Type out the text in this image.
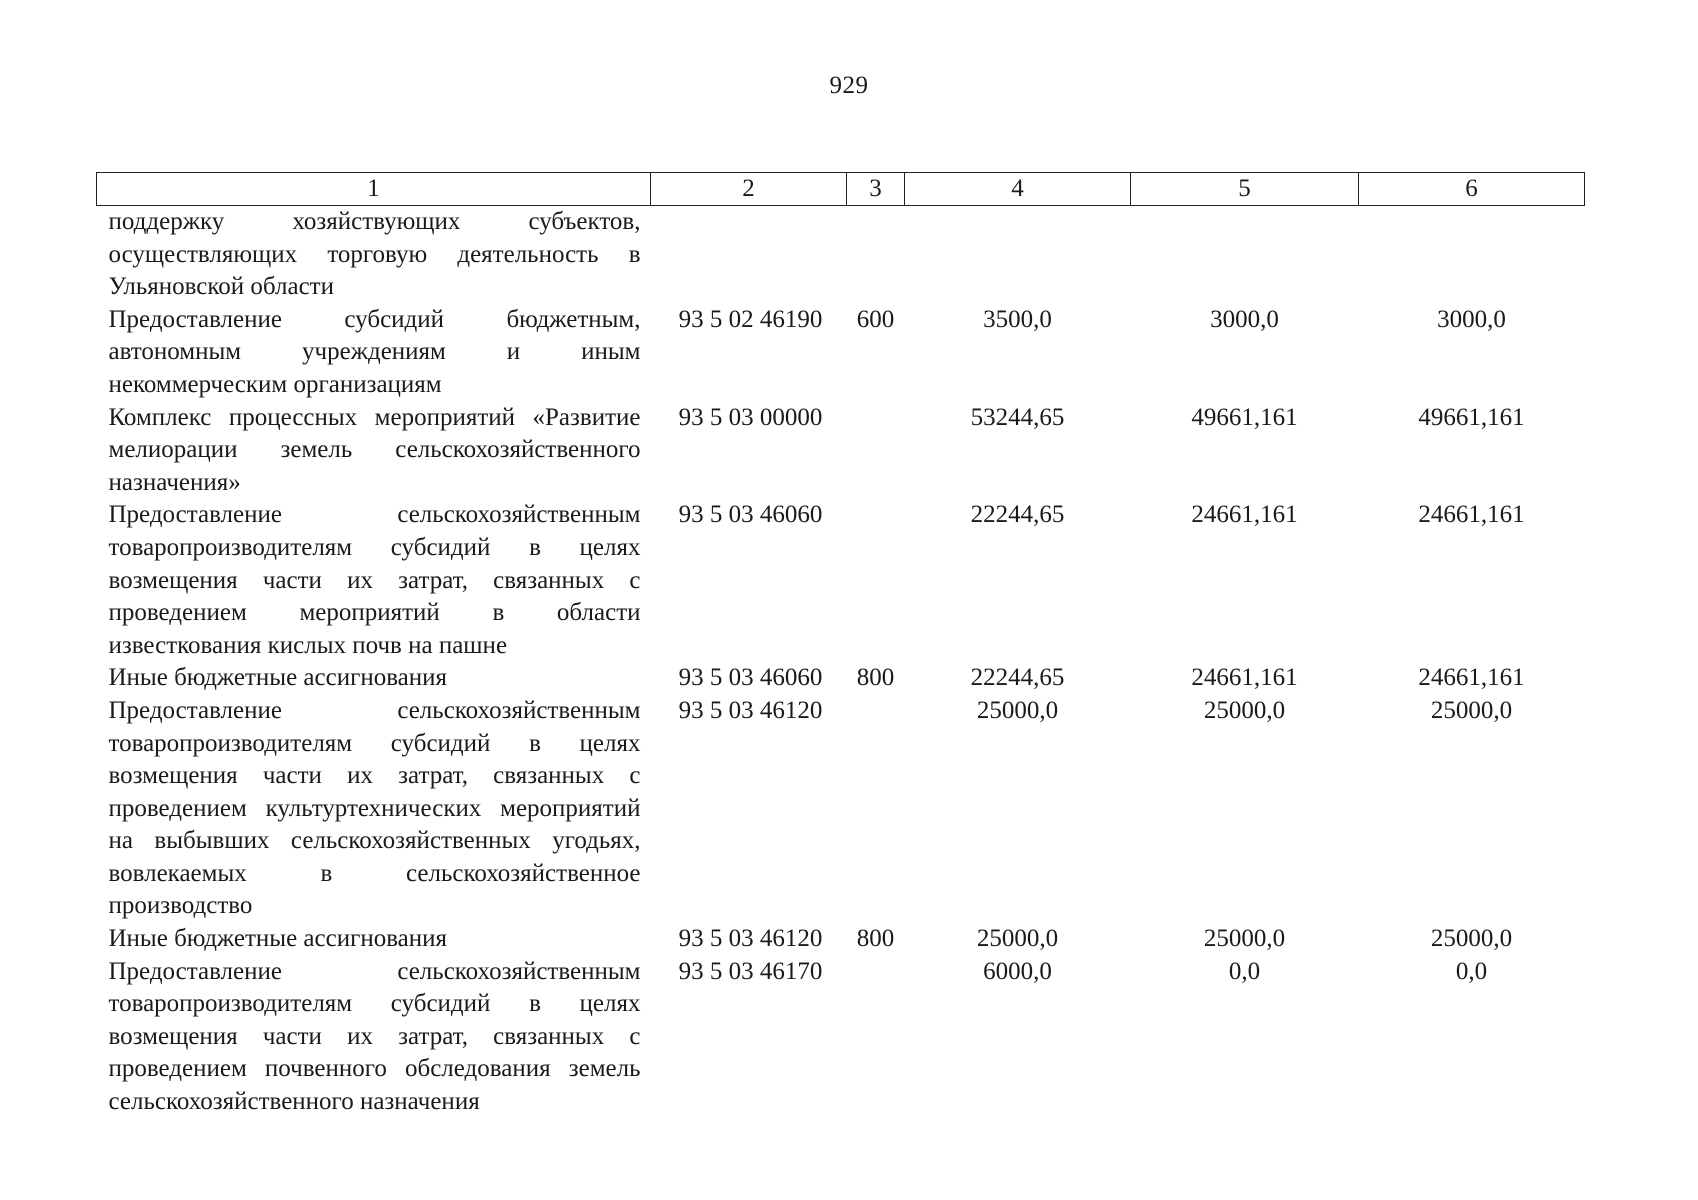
929
1	2	3	4	5	6
поддержку хозяйствующих субъектов, осуществляющих торговую деятельность в Ульяновской области					
Предоставление субсидий бюджетным, автономным учреждениям и иным некоммерческим организациям	93 5 02 46190	600	3500,0	3000,0	3000,0
Комплекс процессных мероприятий «Развитие мелиорации земель сельскохозяйственного назначения»	93 5 03 00000		53244,65	49661,161	49661,161
Предоставление сельскохозяйственным товаропроизводителям субсидий в целях возмещения части их затрат, связанных с проведением мероприятий в области известкования кислых почв на пашне	93 5 03 46060		22244,65	24661,161	24661,161
Иные бюджетные ассигнования	93 5 03 46060	800	22244,65	24661,161	24661,161
Предоставление сельскохозяйственным товаропроизводителям субсидий в целях возмещения части их затрат, связанных с проведением культуртехнических мероприятий на выбывших сельскохозяйственных угодьях, вовлекаемых в сельскохозяйственное производство	93 5 03 46120		25000,0	25000,0	25000,0
Иные бюджетные ассигнования	93 5 03 46120	800	25000,0	25000,0	25000,0
Предоставление сельскохозяйственным товаропроизводителям субсидий в целях возмещения части их затрат, связанных с проведением почвенного обследования земель сельскохозяйственного назначения	93 5 03 46170		6000,0	0,0	0,0
